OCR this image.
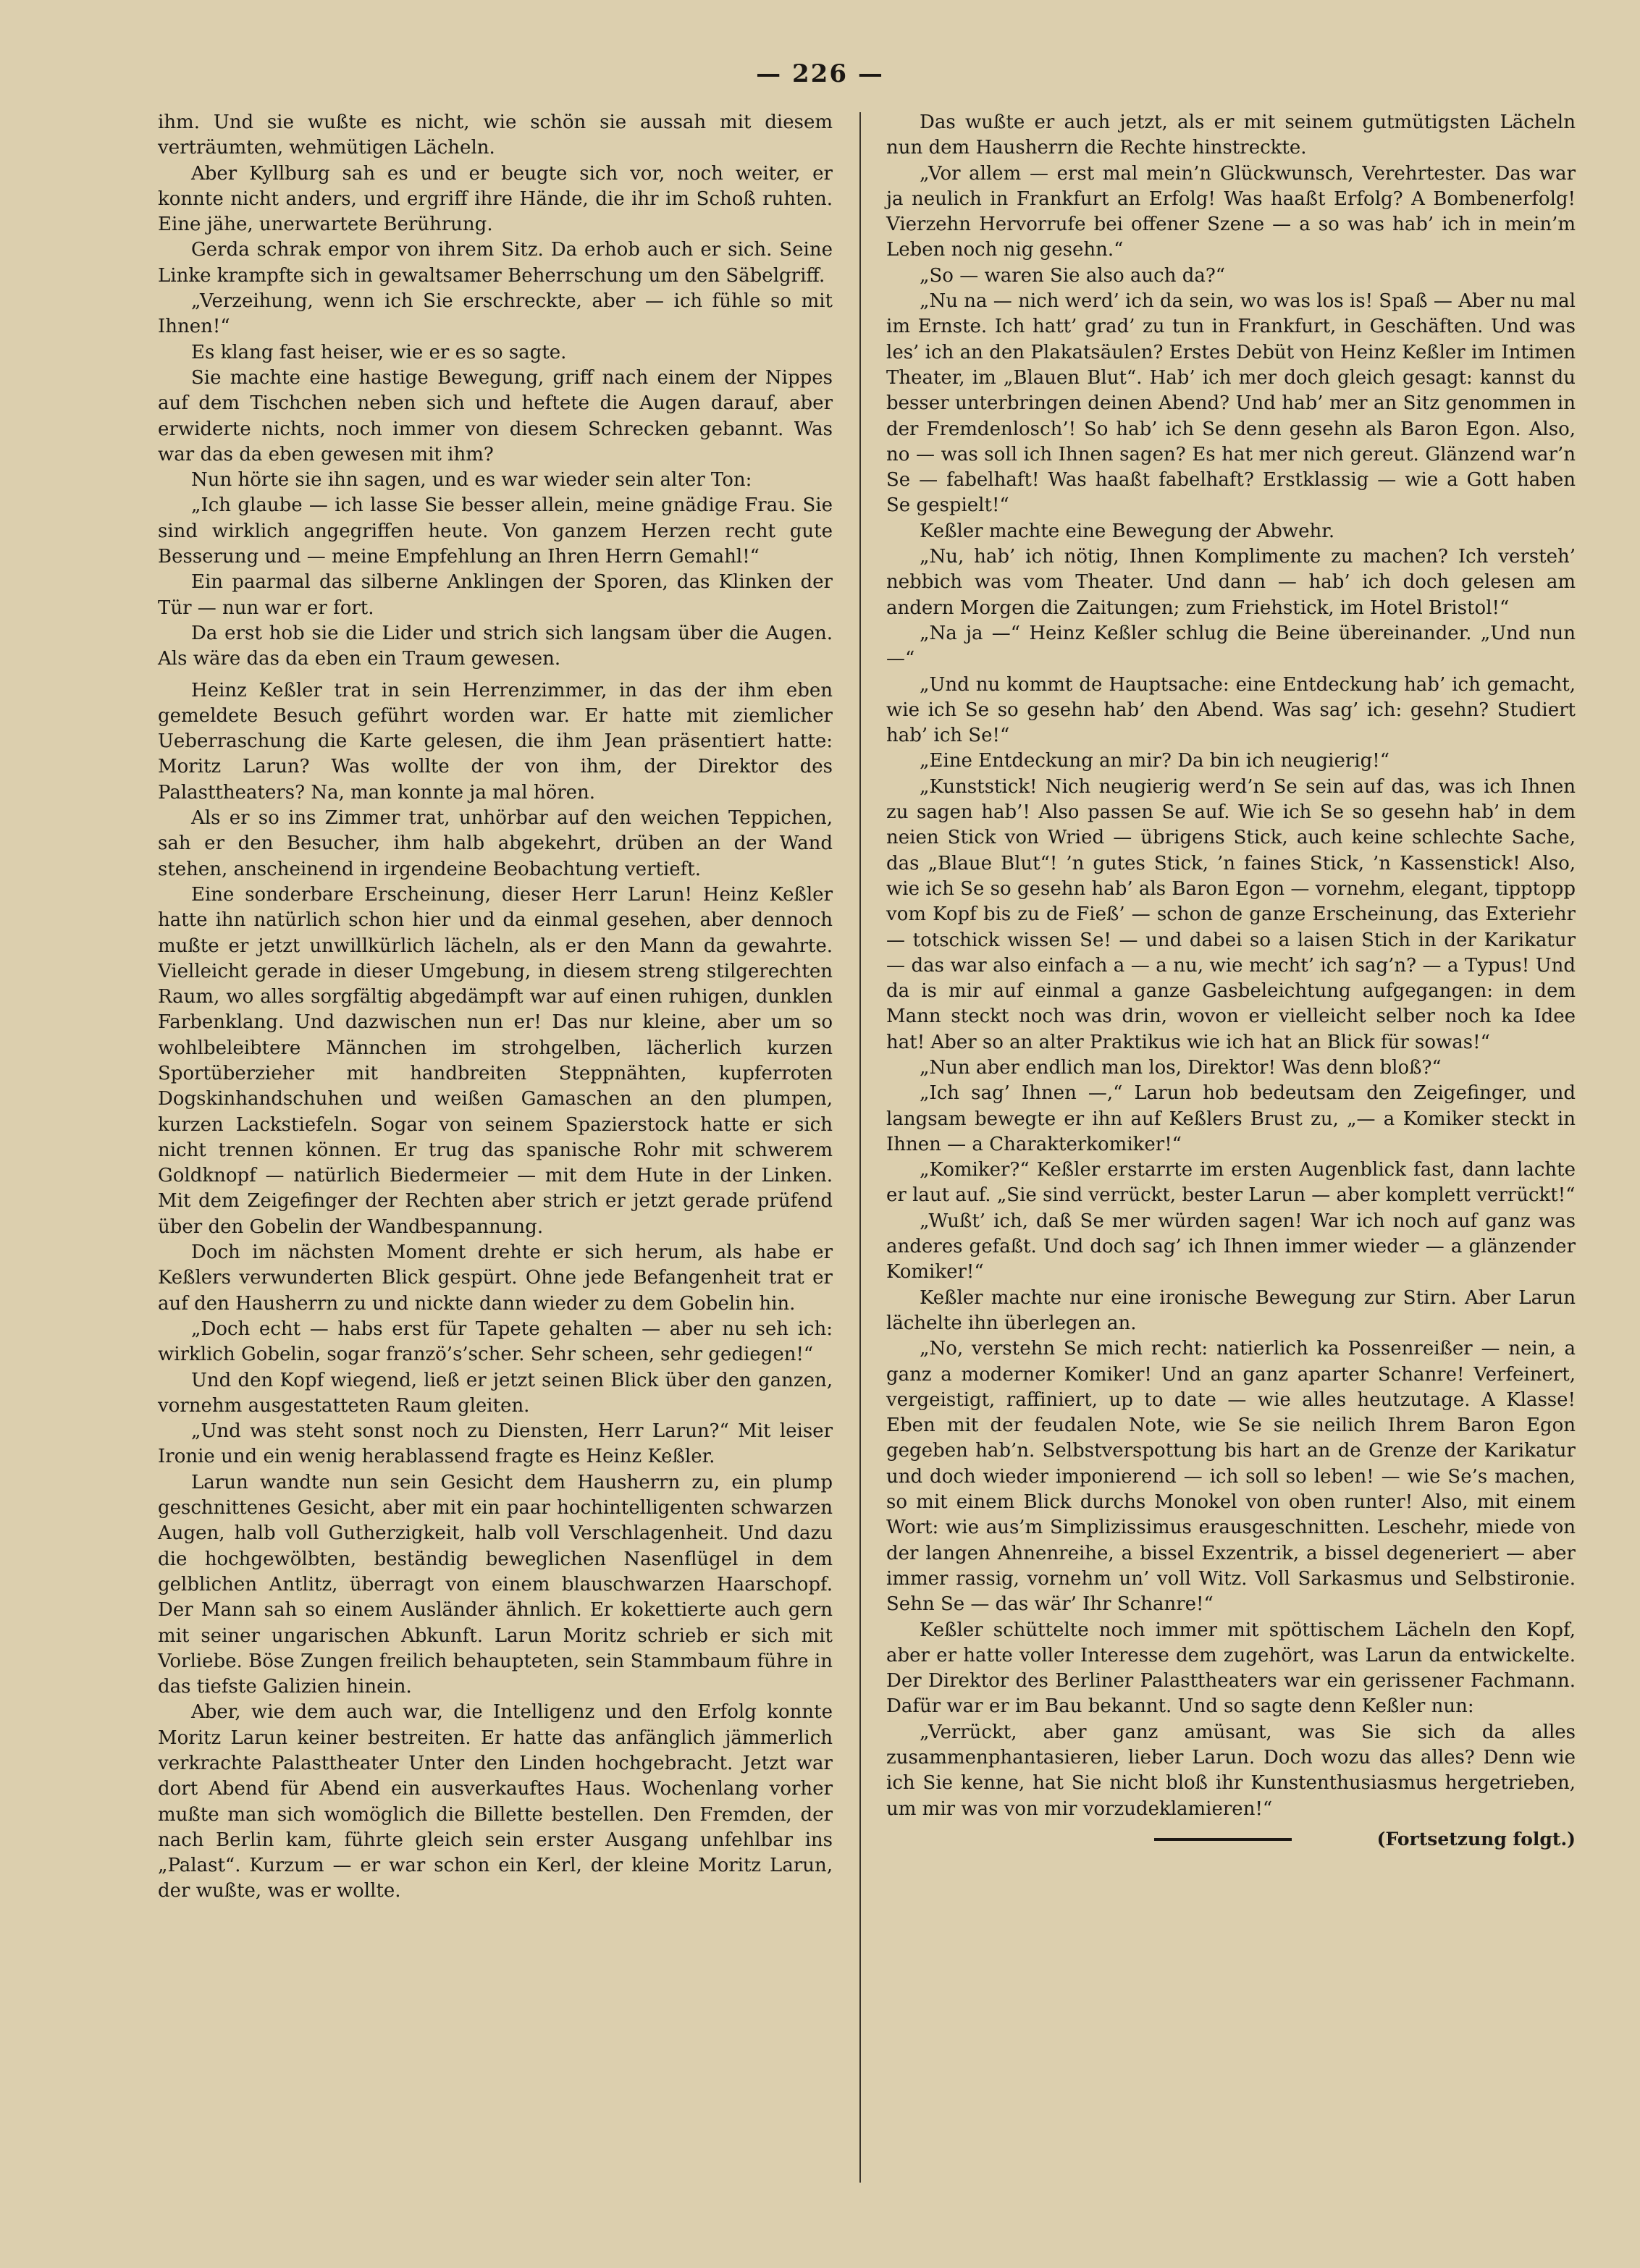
— 226 —

ihm. Und sie wußte es nicht, wie schön sie aussah mit diesem verträumten, wehmütigen Lächeln.

Aber Kyllburg sah es und er beugte sich vor, noch weiter, er konnte nicht anders, und ergriff ihre Hände, die ihr im Schoß ruhten. Eine jähe, unerwartete Berührung.

Gerda schrak empor von ihrem Sitz. Da erhob auch er sich. Seine Linke krampfte sich in gewaltsamer Beherrschung um den Säbelgriff.

„Verzeihung, wenn ich Sie erschreckte, aber — ich fühle so mit Ihnen!“

Es klang fast heiser, wie er es so sagte.

Sie machte eine hastige Bewegung, griff nach einem der Nippes auf dem Tischchen neben sich und heftete die Augen darauf, aber erwiderte nichts, noch immer von diesem Schrecken gebannt. Was war das da eben gewesen mit ihm?

Nun hörte sie ihn sagen, und es war wieder sein alter Ton:

„Ich glaube — ich lasse Sie besser allein, meine gnädige Frau. Sie sind wirklich angegriffen heute. Von ganzem Herzen recht gute Besserung und — meine Empfehlung an Ihren Herrn Gemahl!“

Ein paarmal das silberne Anklingen der Sporen, das Klinken der Tür — nun war er fort.

Da erst hob sie die Lider und strich sich langsam über die Augen. Als wäre das da eben ein Traum gewesen.

Heinz Keßler trat in sein Herrenzimmer, in das der ihm eben gemeldete Besuch geführt worden war. Er hatte mit ziemlicher Ueberraschung die Karte gelesen, die ihm Jean präsentiert hatte: Moritz Larun? Was wollte der von ihm, der Direktor des Palasttheaters? Na, man konnte ja mal hören.

Als er so ins Zimmer trat, unhörbar auf den weichen Teppichen, sah er den Besucher, ihm halb abgekehrt, drüben an der Wand stehen, anscheinend in irgendeine Beobachtung vertieft.

Eine sonderbare Erscheinung, dieser Herr Larun! Heinz Keßler hatte ihn natürlich schon hier und da einmal gesehen, aber dennoch mußte er jetzt unwillkürlich lächeln, als er den Mann da gewahrte. Vielleicht gerade in dieser Umgebung, in diesem streng stilgerechten Raum, wo alles sorgfältig abgedämpft war auf einen ruhigen, dunklen Farbenklang. Und dazwischen nun er! Das nur kleine, aber um so wohlbeleibtere Männchen im strohgelben, lächerlich kurzen Sportüberzieher mit handbreiten Steppnähten, kupferroten Dogskinhandschuhen und weißen Gamaschen an den plumpen, kurzen Lackstiefeln. Sogar von seinem Spazierstock hatte er sich nicht trennen können. Er trug das spanische Rohr mit schwerem Goldknopf — natürlich Biedermeier — mit dem Hute in der Linken. Mit dem Zeigefinger der Rechten aber strich er jetzt gerade prüfend über den Gobelin der Wandbespannung.

Doch im nächsten Moment drehte er sich herum, als habe er Keßlers verwunderten Blick gespürt. Ohne jede Befangenheit trat er auf den Hausherrn zu und nickte dann wieder zu dem Gobelin hin.

„Doch echt — habs erst für Tapete gehalten — aber nu seh ich: wirklich Gobelin, sogar franzö’s’scher. Sehr scheen, sehr gediegen!“

Und den Kopf wiegend, ließ er jetzt seinen Blick über den ganzen, vornehm ausgestatteten Raum gleiten.

„Und was steht sonst noch zu Diensten, Herr Larun?“ Mit leiser Ironie und ein wenig herablassend fragte es Heinz Keßler.

Larun wandte nun sein Gesicht dem Hausherrn zu, ein plump geschnittenes Gesicht, aber mit ein paar hochintelligenten schwarzen Augen, halb voll Gutherzigkeit, halb voll Verschlagenheit. Und dazu die hochgewölbten, beständig beweglichen Nasenflügel in dem gelblichen Antlitz, überragt von einem blauschwarzen Haarschopf. Der Mann sah so einem Ausländer ähnlich. Er kokettierte auch gern mit seiner ungarischen Abkunft. Larun Moritz schrieb er sich mit Vorliebe. Böse Zungen freilich behaupteten, sein Stammbaum führe in das tiefste Galizien hinein.

Aber, wie dem auch war, die Intelligenz und den Erfolg konnte Moritz Larun keiner bestreiten. Er hatte das anfänglich jämmerlich verkrachte Palasttheater Unter den Linden hochgebracht. Jetzt war dort Abend für Abend ein ausverkauftes Haus. Wochenlang vorher mußte man sich womöglich die Billette bestellen. Den Fremden, der nach Berlin kam, führte gleich sein erster Ausgang unfehlbar ins „Palast“. Kurzum — er war schon ein Kerl, der kleine Moritz Larun, der wußte, was er wollte.

Das wußte er auch jetzt, als er mit seinem gutmütigsten Lächeln nun dem Hausherrn die Rechte hinstreckte.

„Vor allem — erst mal mein’n Glückwunsch, Verehrtester. Das war ja neulich in Frankfurt an Erfolg! Was haaßt Erfolg? A Bombenerfolg! Vierzehn Hervorrufe bei offener Szene — a so was hab’ ich in mein’m Leben noch nig gesehn.“

„So — waren Sie also auch da?“

„Nu na — nich werd’ ich da sein, wo was los is! Spaß — Aber nu mal im Ernste. Ich hatt’ grad’ zu tun in Frankfurt, in Geschäften. Und was les’ ich an den Plakatsäulen? Erstes Debüt von Heinz Keßler im Intimen Theater, im „Blauen Blut“. Hab’ ich mer doch gleich gesagt: kannst du besser unterbringen deinen Abend? Und hab’ mer an Sitz genommen in der Fremdenlosch’! So hab’ ich Se denn gesehn als Baron Egon. Also, no — was soll ich Ihnen sagen? Es hat mer nich gereut. Glänzend war’n Se — fabelhaft! Was haaßt fabelhaft? Erstklassig — wie a Gott haben Se gespielt!“

Keßler machte eine Bewegung der Abwehr.

„Nu, hab’ ich nötig, Ihnen Komplimente zu machen? Ich versteh’ nebbich was vom Theater. Und dann — hab’ ich doch gelesen am andern Morgen die Zaitungen; zum Friehstick, im Hotel Bristol!“

„Na ja —“ Heinz Keßler schlug die Beine übereinander. „Und nun —“

„Und nu kommt de Hauptsache: eine Entdeckung hab’ ich gemacht, wie ich Se so gesehn hab’ den Abend. Was sag’ ich: gesehn? Studiert hab’ ich Se!“

„Eine Entdeckung an mir? Da bin ich neugierig!“

„Kunststick! Nich neugierig werd’n Se sein auf das, was ich Ihnen zu sagen hab’! Also passen Se auf. Wie ich Se so gesehn hab’ in dem neien Stick von Wried — übrigens Stick, auch keine schlechte Sache, das „Blaue Blut“! ’n gutes Stick, ’n faines Stick, ’n Kassenstick! Also, wie ich Se so gesehn hab’ als Baron Egon — vornehm, elegant, tipptopp vom Kopf bis zu de Fieß’ — schon de ganze Erscheinung, das Exteriehr — totschick wissen Se! — und dabei so a laisen Stich in der Karikatur — das war also einfach a — a nu, wie mecht’ ich sag’n? — a Typus! Und da is mir auf einmal a ganze Gasbeleichtung aufgegangen: in dem Mann steckt noch was drin, wovon er vielleicht selber noch ka Idee hat! Aber so an alter Praktikus wie ich hat an Blick für sowas!“

„Nun aber endlich man los, Direktor! Was denn bloß?“

„Ich sag’ Ihnen —,“ Larun hob bedeutsam den Zeigefinger, und langsam bewegte er ihn auf Keßlers Brust zu, „— a Komiker steckt in Ihnen — a Charakterkomiker!“

„Komiker?“ Keßler erstarrte im ersten Augenblick fast, dann lachte er laut auf. „Sie sind verrückt, bester Larun — aber komplett verrückt!“

„Wußt’ ich, daß Se mer würden sagen! War ich noch auf ganz was anderes gefaßt. Und doch sag’ ich Ihnen immer wieder — a glänzender Komiker!“

Keßler machte nur eine ironische Bewegung zur Stirn. Aber Larun lächelte ihn überlegen an.

„No, verstehn Se mich recht: natierlich ka Possenreißer — nein, a ganz a moderner Komiker! Und an ganz aparter Schanre! Verfeinert, vergeistigt, raffiniert, up to date — wie alles heutzutage. A Klasse! Eben mit der feudalen Note, wie Se sie neilich Ihrem Baron Egon gegeben hab’n. Selbstverspottung bis hart an de Grenze der Karikatur und doch wieder imponierend — ich soll so leben! — wie Se’s machen, so mit einem Blick durchs Monokel von oben runter! Also, mit einem Wort: wie aus’m Simplizissimus erausgeschnitten. Leschehr, miede von der langen Ahnenreihe, a bissel Exzentrik, a bissel degeneriert — aber immer rassig, vornehm un’ voll Witz. Voll Sarkasmus und Selbstironie. Sehn Se — das wär’ Ihr Schanre!“

Keßler schüttelte noch immer mit spöttischem Lächeln den Kopf, aber er hatte voller Interesse dem zugehört, was Larun da entwickelte. Der Direktor des Berliner Palasttheaters war ein gerissener Fachmann. Dafür war er im Bau bekannt. Und so sagte denn Keßler nun:

„Verrückt, aber ganz amüsant, was Sie sich da alles zusammenphantasieren, lieber Larun. Doch wozu das alles? Denn wie ich Sie kenne, hat Sie nicht bloß ihr Kunstenthusiasmus hergetrieben, um mir was von mir vorzudeklamieren!“

(Fortsetzung folgt.)
